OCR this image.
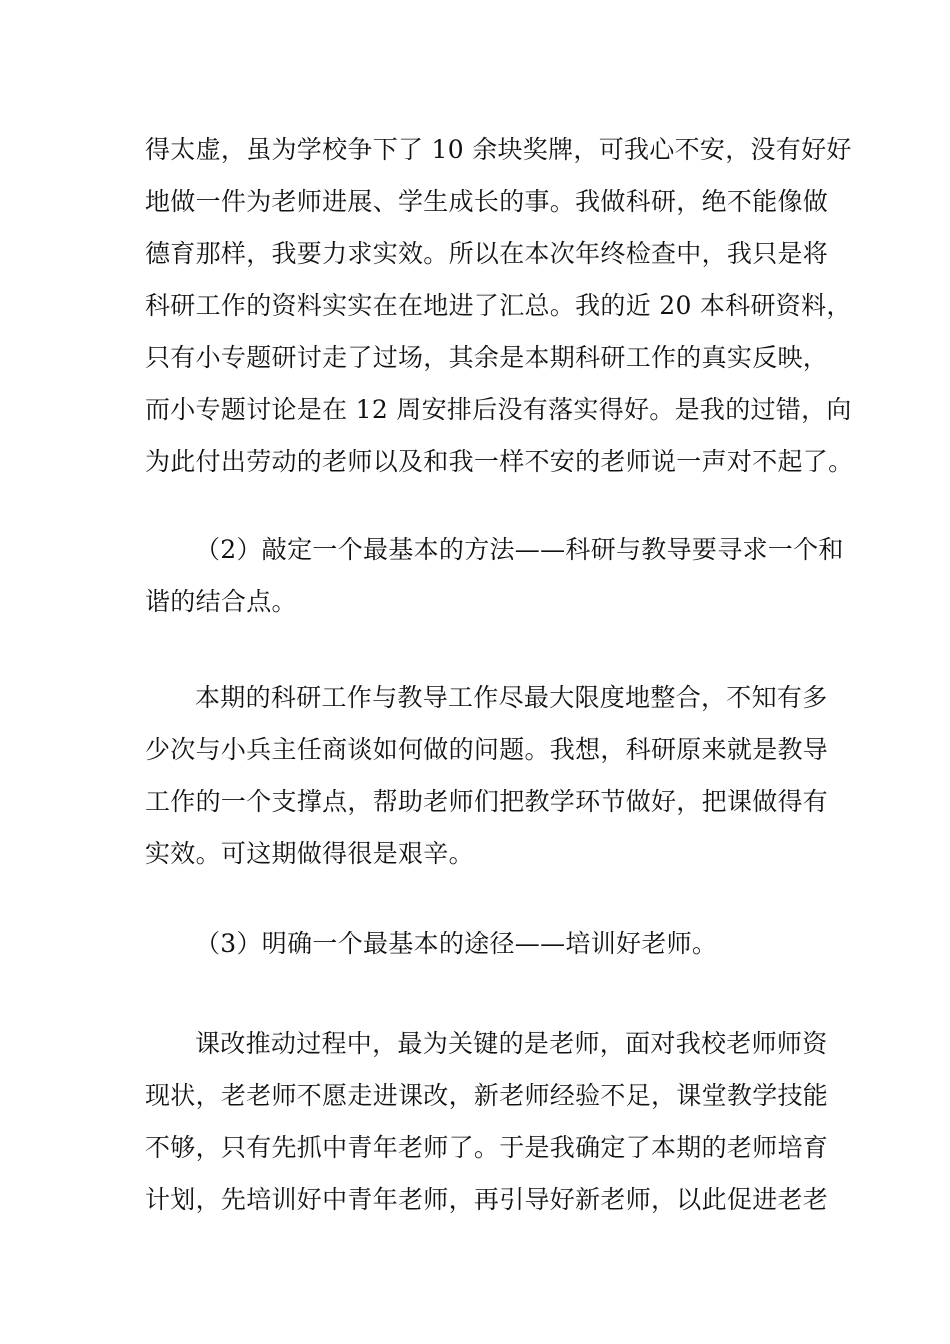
得太虚，虽为学校争下了 10 余块奖牌，可我心不安，没有好好
地做一件为老师进展、学生成长的事。我做科研，绝不能像做
德育那样，我要力求实效。所以在本次年终检查中，我只是将
科研工作的资料实实在在地进了汇总。我的近 20 本科研资料，
只有小专题研讨走了过场，其余是本期科研工作的真实反映，
而小专题讨论是在 12 周安排后没有落实得好。是我的过错，向
为此付出劳动的老师以及和我一样不安的老师说一声对不起了。
（2）敲定一个最基本的方法——科研与教导要寻求一个和
谐的结合点。
本期的科研工作与教导工作尽最大限度地整合，不知有多
少次与小兵主任商谈如何做的问题。我想，科研原来就是教导
工作的一个支撑点，帮助老师们把教学环节做好，把课做得有
实效。可这期做得很是艰辛。
（3）明确一个最基本的途径——培训好老师。
课改推动过程中，最为关键的是老师，面对我校老师师资
现状，老老师不愿走进课改，新老师经验不足，课堂教学技能
不够，只有先抓中青年老师了。于是我确定了本期的老师培育
计划，先培训好中青年老师，再引导好新老师，以此促进老老
